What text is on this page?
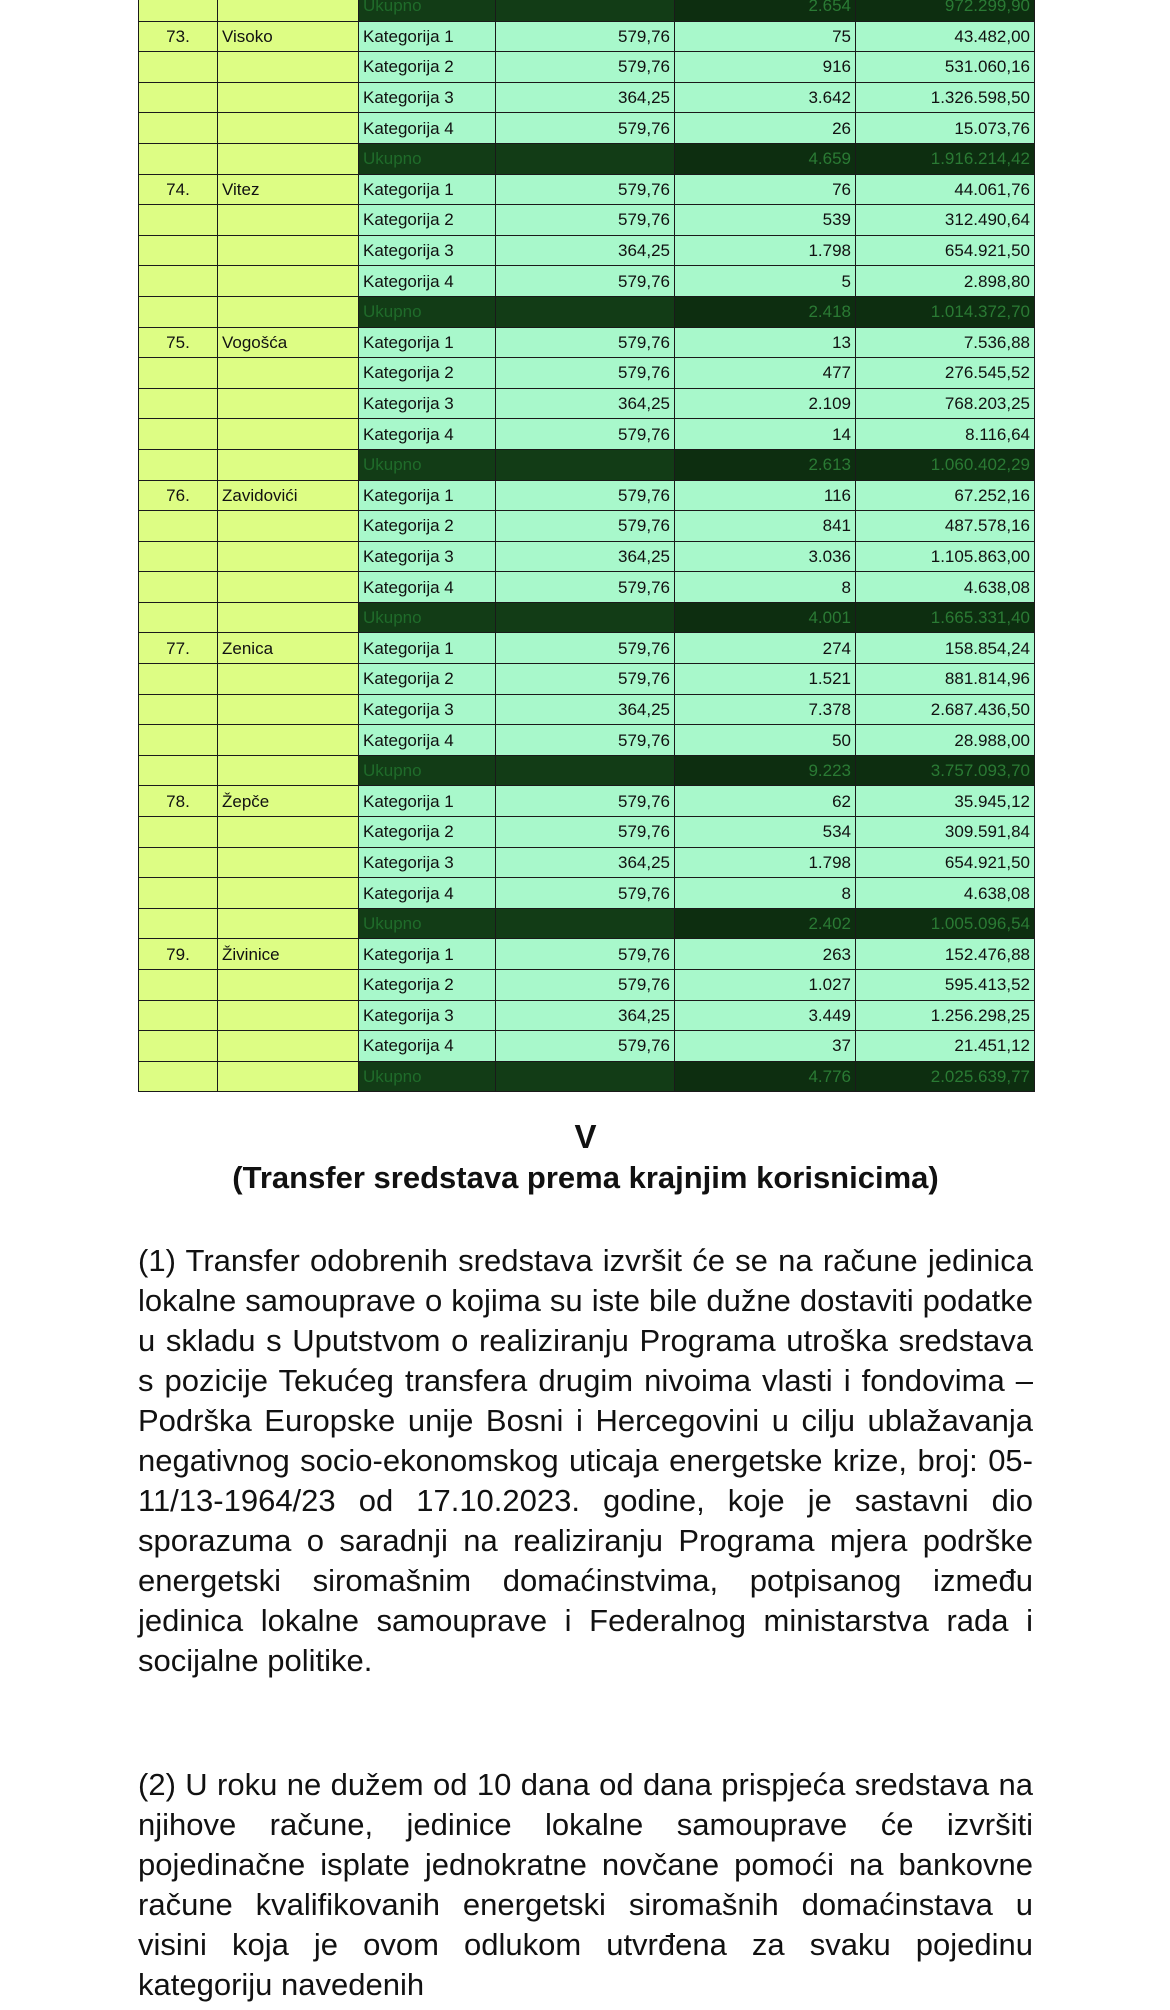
		Ukupno		2.654	972.299,90
73.	Visoko	Kategorija 1	579,76	75	43.482,00
		Kategorija 2	579,76	916	531.060,16
		Kategorija 3	364,25	3.642	1.326.598,50
		Kategorija 4	579,76	26	15.073,76
		Ukupno		4.659	1.916.214,42
74.	Vitez	Kategorija 1	579,76	76	44.061,76
		Kategorija 2	579,76	539	312.490,64
		Kategorija 3	364,25	1.798	654.921,50
		Kategorija 4	579,76	5	2.898,80
		Ukupno		2.418	1.014.372,70
75.	Vogošća	Kategorija 1	579,76	13	7.536,88
		Kategorija 2	579,76	477	276.545,52
		Kategorija 3	364,25	2.109	768.203,25
		Kategorija 4	579,76	14	8.116,64
		Ukupno		2.613	1.060.402,29
76.	Zavidovići	Kategorija 1	579,76	116	67.252,16
		Kategorija 2	579,76	841	487.578,16
		Kategorija 3	364,25	3.036	1.105.863,00
		Kategorija 4	579,76	8	4.638,08
		Ukupno		4.001	1.665.331,40
77.	Zenica	Kategorija 1	579,76	274	158.854,24
		Kategorija 2	579,76	1.521	881.814,96
		Kategorija 3	364,25	7.378	2.687.436,50
		Kategorija 4	579,76	50	28.988,00
		Ukupno		9.223	3.757.093,70
78.	Žepče	Kategorija 1	579,76	62	35.945,12
		Kategorija 2	579,76	534	309.591,84
		Kategorija 3	364,25	1.798	654.921,50
		Kategorija 4	579,76	8	4.638,08
		Ukupno		2.402	1.005.096,54
79.	Živinice	Kategorija 1	579,76	263	152.476,88
		Kategorija 2	579,76	1.027	595.413,52
		Kategorija 3	364,25	3.449	1.256.298,25
		Kategorija 4	579,76	37	21.451,12
		Ukupno		4.776	2.025.639,77
V
(Transfer sredstava prema krajnjim korisnicima)
(1) Transfer odobrenih sredstava izvršit će se na račune jedinica lokalne samouprave o kojima su iste bile dužne dostaviti podatke u skladu s Uputstvom o realiziranju Programa utroška sredstava s pozicije Tekućeg transfera drugim nivoima vlasti i fondovima – Podrška Europske unije Bosni i Hercegovini u cilju ublažavanja negativnog socio-ekonomskog uticaja energetske krize, broj: 05-11/13-1964/23 od 17.10.2023. godine, koje je sastavni dio sporazuma o saradnji na realiziranju Programa mjera podrške energetski siromašnim domaćinstvima, potpisanog između jedinica lokalne samouprave i Federalnog ministarstva rada i socijalne politike.
(2) U roku ne dužem od 10 dana od dana prispjeća sredstava na njihove račune, jedinice lokalne samouprave će izvršiti pojedinačne isplate jednokratne novčane pomoći na bankovne račune kvalifikovanih energetski siromašnih domaćinstava u visini koja je ovom odlukom utvrđena za svaku pojedinu kategoriju navedenih
